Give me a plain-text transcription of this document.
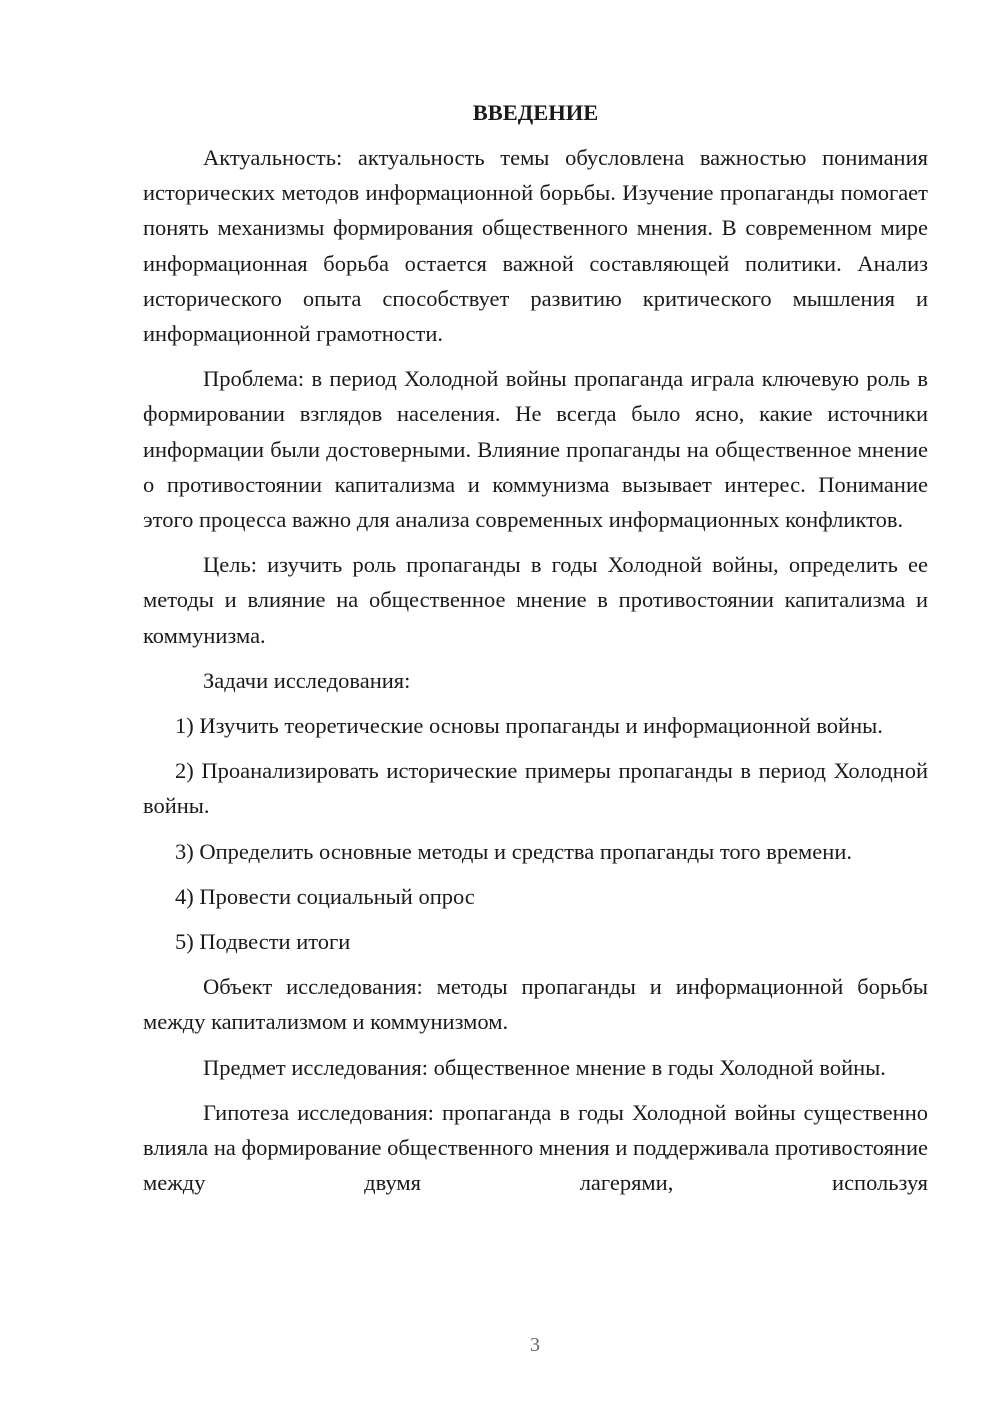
ВВЕДЕНИЕ

Актуальность: актуальность темы обусловлена важностью понимания исторических методов информационной борьбы. Изучение пропаганды помогает понять механизмы формирования общественного мнения. В современном мире информационная борьба остается важной составляющей политики. Анализ исторического опыта способствует развитию критического мышления и информационной грамотности.

Проблема: в период Холодной войны пропаганда играла ключевую роль в формировании взглядов населения. Не всегда было ясно, какие источники информации были достоверными. Влияние пропаганды на общественное мнение о противостоянии капитализма и коммунизма вызывает интерес. Понимание этого процесса важно для анализа современных информационных конфликтов.

Цель: изучить роль пропаганды в годы Холодной войны, определить ее методы и влияние на общественное мнение в противостоянии капитализма и коммунизма.

Задачи исследования:

1) Изучить теоретические основы пропаганды и информационной войны.

2) Проанализировать исторические примеры пропаганды в период Холодной войны.

3) Определить основные методы и средства пропаганды того времени.

4) Провести социальный опрос

5) Подвести итоги

Объект исследования: методы пропаганды и информационной борьбы между капитализмом и коммунизмом.

Предмет исследования: общественное мнение в годы Холодной войны.

Гипотеза исследования: пропаганда в годы Холодной войны существенно влияла на формирование общественного мнения и поддерживала противостояние между двумя лагерями, используя

3
